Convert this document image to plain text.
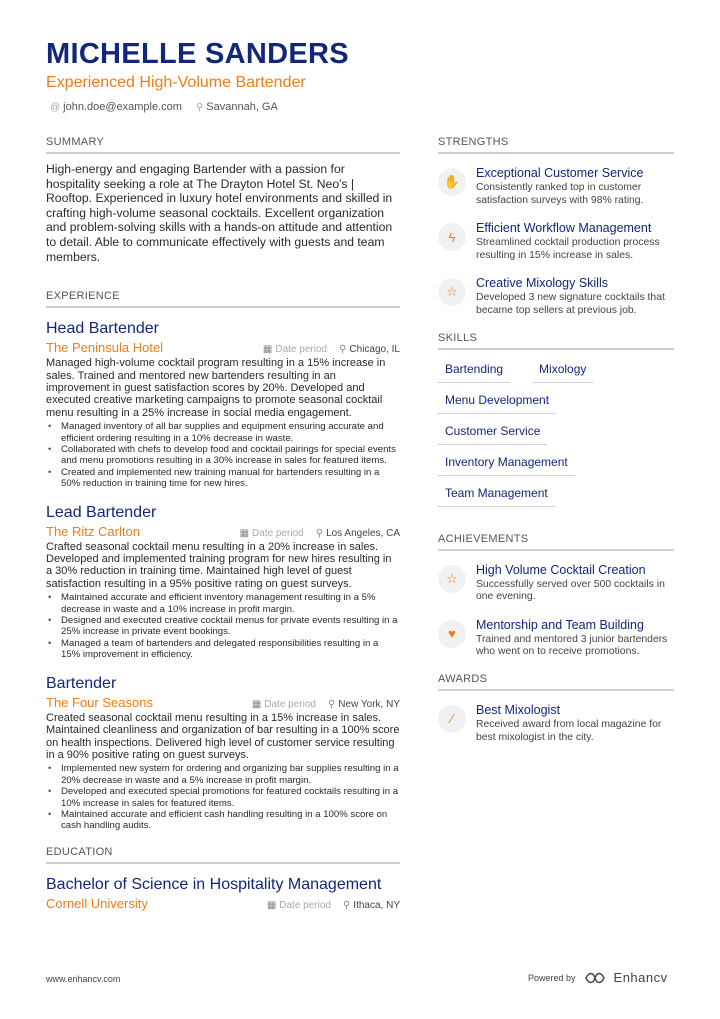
MICHELLE SANDERS
Experienced High-Volume Bartender
@ john.doe@example.com ⚲ Savannah, GA
SUMMARY
High-energy and engaging Bartender with a passion for hospitality seeking a role at The Drayton Hotel St. Neo's | Rooftop. Experienced in luxury hotel environments and skilled in crafting high-volume seasonal cocktails. Excellent organization and problem-solving skills with a hands-on attitude and attention to detail. Able to communicate effectively with guests and team members.
EXPERIENCE
Head Bartender
The Peninsula Hotel	▦ Date period ⚲ Chicago, IL
Managed high-volume cocktail program resulting in a 15% increase in sales. Trained and mentored new bartenders resulting in an improvement in guest satisfaction scores by 20%. Developed and executed creative marketing campaigns to promote seasonal cocktail menu resulting in a 25% increase in social media engagement.
• Managed inventory of all bar supplies and equipment ensuring accurate and efficient ordering resulting in a 10% decrease in waste.
• Collaborated with chefs to develop food and cocktail pairings for special events and menu promotions resulting in a 30% increase in sales for featured items.
• Created and implemented new training manual for bartenders resulting in a 50% reduction in training time for new hires.
Lead Bartender
The Ritz Carlton	▦ Date period ⚲ Los Angeles, CA
Crafted seasonal cocktail menu resulting in a 20% increase in sales. Developed and implemented training program for new hires resulting in a 30% reduction in training time. Maintained high level of guest satisfaction resulting in a 95% positive rating on guest surveys.
• Maintained accurate and efficient inventory management resulting in a 5% decrease in waste and a 10% increase in profit margin.
• Designed and executed creative cocktail menus for private events resulting in a 25% increase in private event bookings.
• Managed a team of bartenders and delegated responsibilities resulting in a 15% improvement in efficiency.
Bartender
The Four Seasons	▦ Date period ⚲ New York, NY
Created seasonal cocktail menu resulting in a 15% increase in sales. Maintained cleanliness and organization of bar resulting in a 100% score on health inspections. Delivered high level of customer service resulting in a 90% positive rating on guest surveys.
• Implemented new system for ordering and organizing bar supplies resulting in a 20% decrease in waste and a 5% increase in profit margin.
• Developed and executed special promotions for featured cocktails resulting in a 10% increase in sales for featured items.
• Maintained accurate and efficient cash handling resulting in a 100% score on cash handling audits.
EDUCATION
Bachelor of Science in Hospitality Management
Cornell University	▦ Date period ⚲ Ithaca, NY
STRENGTHS
✋
Exceptional Customer Service
Consistently ranked top in customer satisfaction surveys with 98% rating.
ϟ
Efficient Workflow Management
Streamlined cocktail production process resulting in 15% increase in sales.
☆
Creative Mixology Skills
Developed 3 new signature cocktails that became top sellers at previous job.
SKILLS
Bartending	Mixology
Menu Development
Customer Service
Inventory Management
Team Management
ACHIEVEMENTS
☆
High Volume Cocktail Creation
Successfully served over 500 cocktails in one evening.
♥
Mentorship and Team Building
Trained and mentored 3 junior bartenders who went on to receive promotions.
AWARDS
⁄
Best Mixologist
Received award from local magazine for best mixologist in the city.
www.enhancv.com	Powered by	Enhancv
